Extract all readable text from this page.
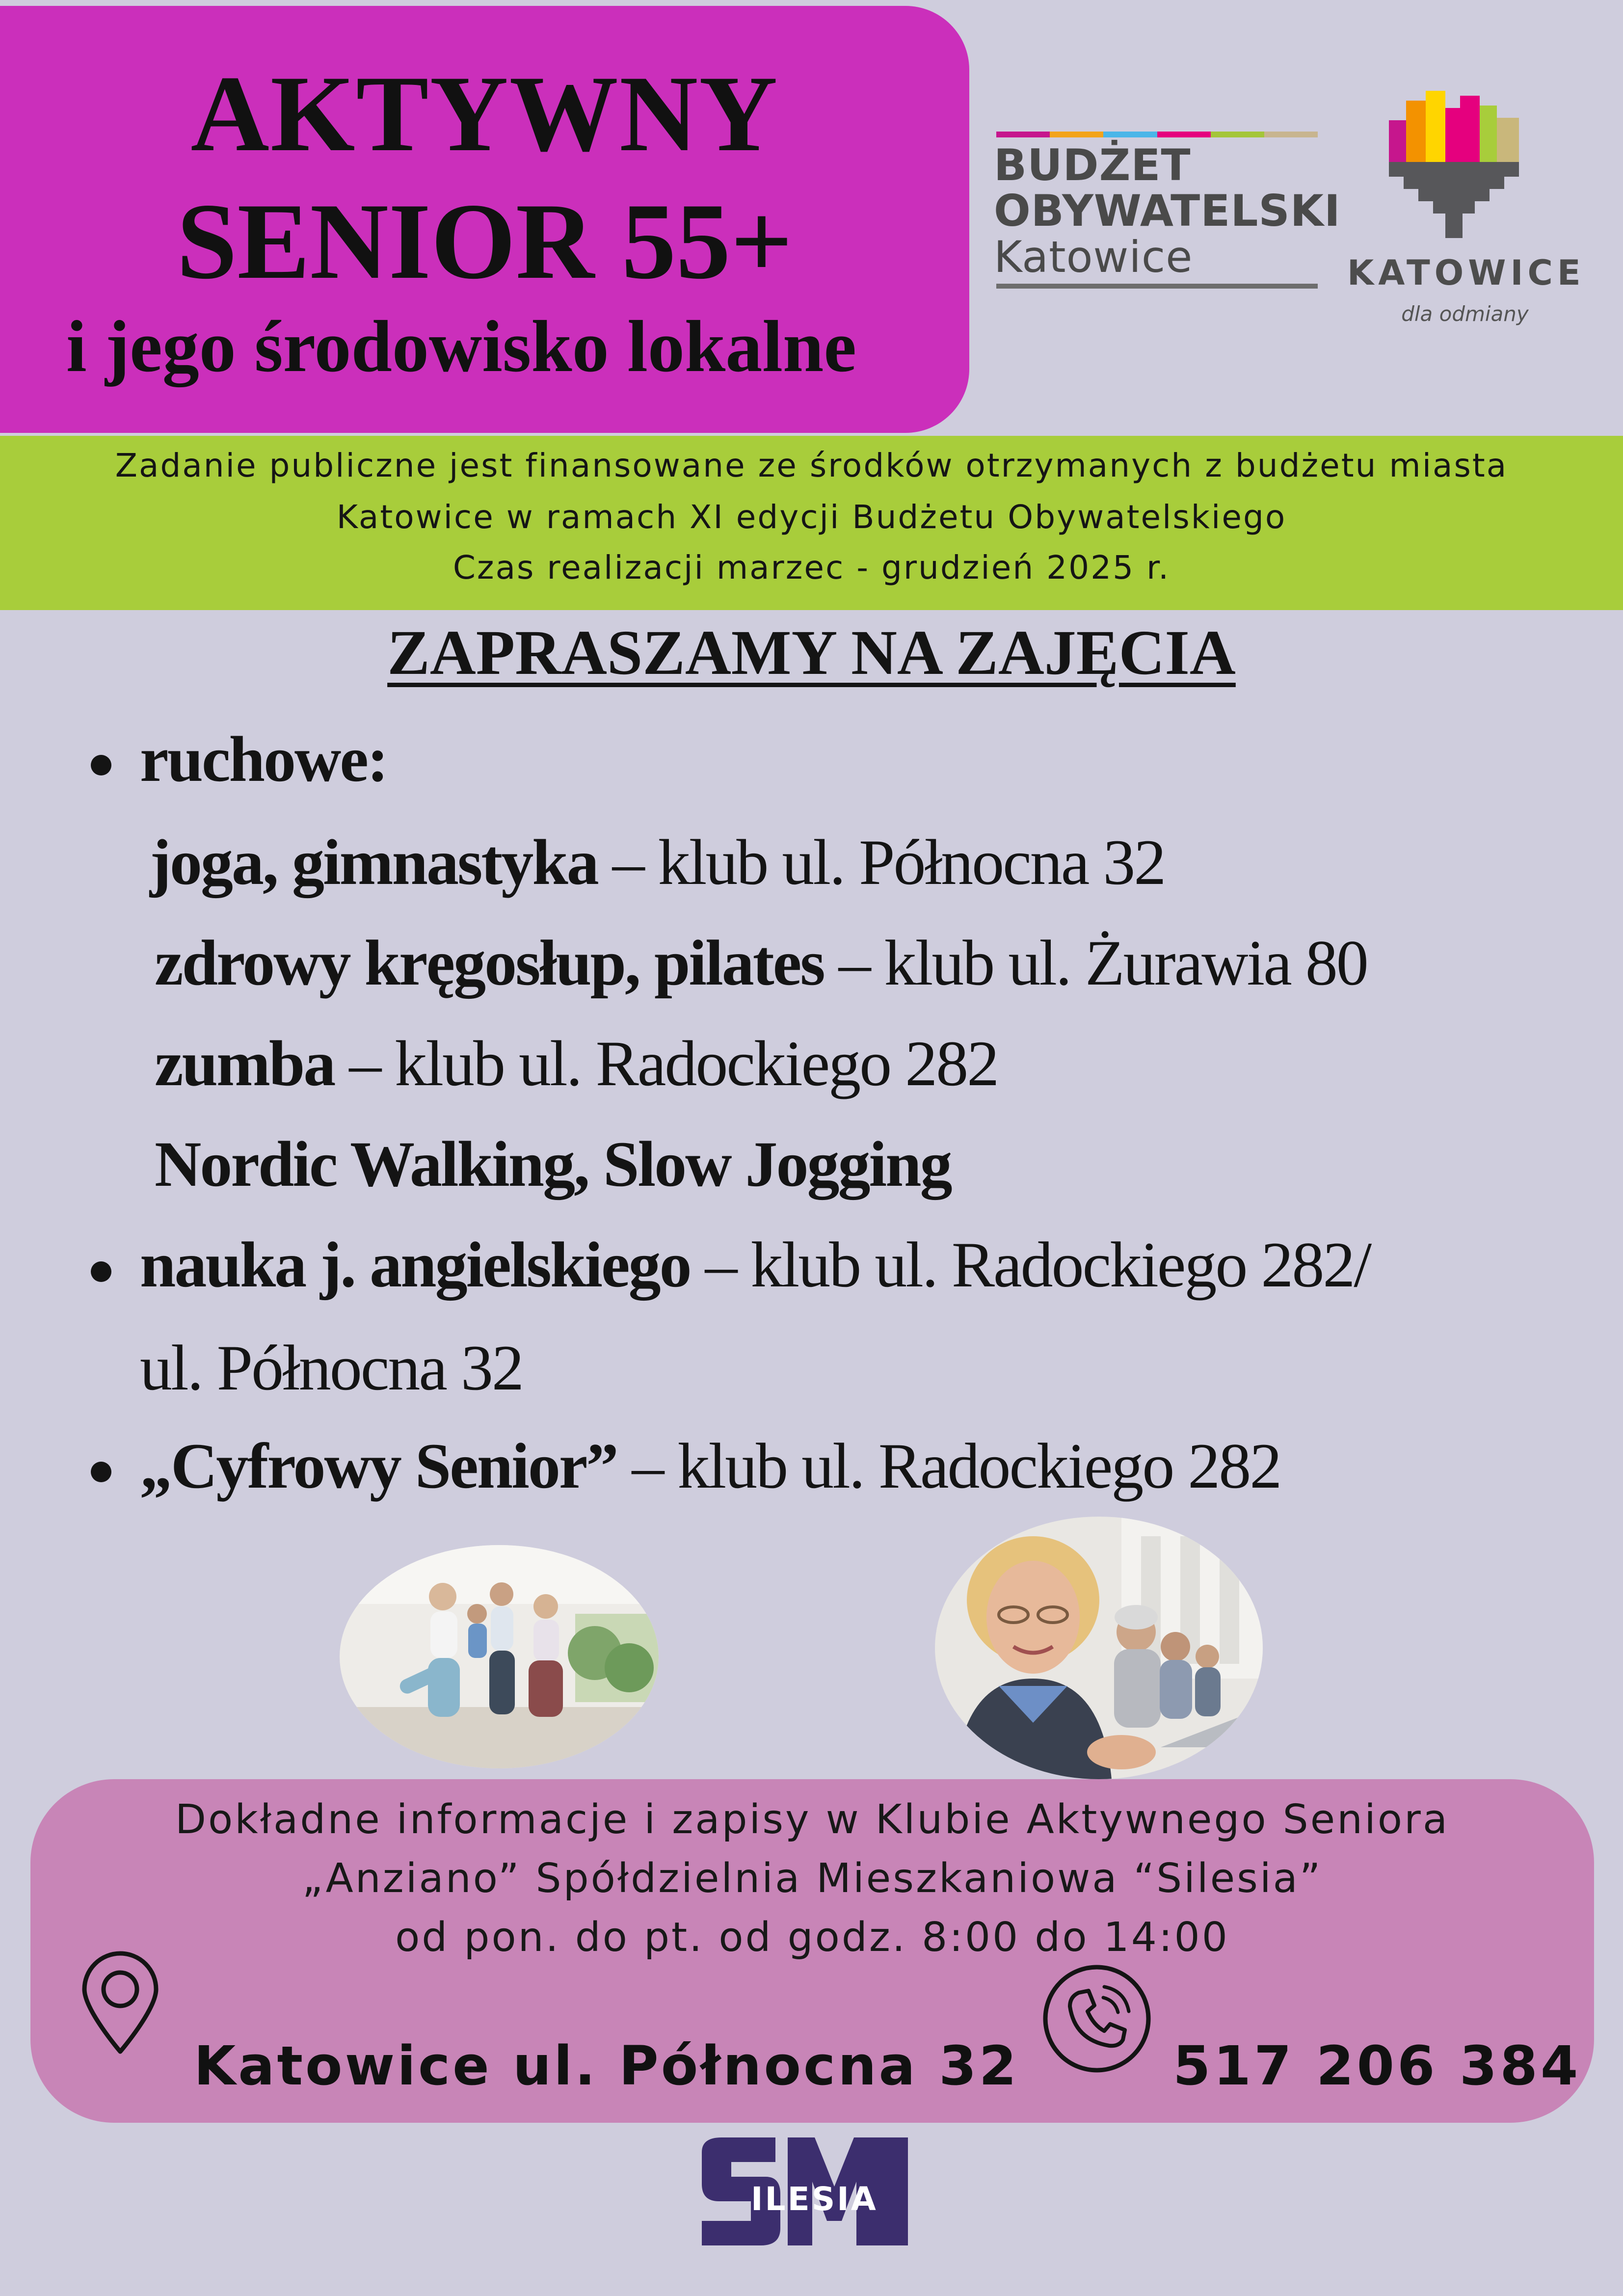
AKTYWNY
SENIOR 55+
i jego środowisko lokalne
BUDŻET
OBYWATELSKI
Katowice	KATOWICE
dla odmiany
Zadanie publiczne jest finansowane ze środków otrzymanych z budżetu miasta
Katowice w ramach XI edycji Budżetu Obywatelskiego
Czas realizacji marzec - grudzień 2025 r.
ZAPRASZAMY NA ZAJĘCIA
ruchowe:
joga, gimnastyka – klub ul. Północna 32
zdrowy kręgosłup, pilates – klub ul. Żurawia 80
zumba – klub ul. Radockiego 282
Nordic Walking, Slow Jogging
nauka j. angielskiego – klub ul. Radockiego 282/
ul. Północna 32
„Cyfrowy Senior” – klub ul. Radockiego 282
Dokładne informacje i zapisy w Klubie Aktywnego Seniora
„Anziano” Spółdzielnia Mieszkaniowa “Silesia”
od pon. do pt. od godz. 8:00 do 14:00
Katowice ul. Północna 32	517 206 384
ILESIA
